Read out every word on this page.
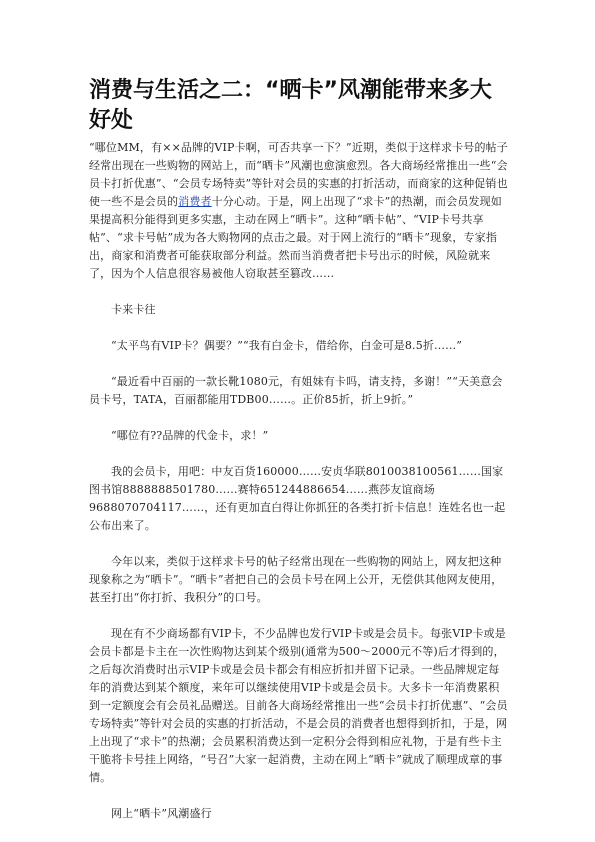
消费与生活之二：“晒卡”风潮能带来多大好处

“哪位MM，有××品牌的VIP卡啊，可否共享一下？”近期，类似于这样求卡号的帖子经常出现在一些购物的网站上，而“晒卡”风潮也愈演愈烈。各大商场经常推出一些“会员卡打折优惠”、“会员专场特卖”等针对会员的实惠的打折活动，而商家的这种促销也使一些不是会员的消费者十分心动。于是，网上出现了“求卡”的热潮，而会员发现如果提高积分能得到更多实惠，主动在网上“晒卡”。这种“晒卡帖”、“VIP卡号共享帖”、“求卡号帖”成为各大购物网的点击之最。对于网上流行的“晒卡”现象，专家指出，商家和消费者可能获取部分利益。然而当消费者把卡号出示的时候，风险就来了，因为个人信息很容易被他人窃取甚至篡改……

卡来卡往

“太平鸟有VIP卡？偶要？”“我有白金卡，借给你，白金可是8.5折……”

“最近看中百丽的一款长靴1080元，有姐妹有卡吗，请支持，多谢！”“天美意会员卡号，TATA，百丽都能用TDB00……。正价85折，折上9折。”

“哪位有??品牌的代金卡，求！”

我的会员卡，用吧：中友百货160000……安贞华联8010038100561……国家图书馆8888888501780……赛特651244886654……燕莎友谊商场9688070704117……，还有更加直白得让你抓狂的各类打折卡信息！连姓名也一起公布出来了。

今年以来，类似于这样求卡号的帖子经常出现在一些购物的网站上，网友把这种现象称之为“晒卡”。“晒卡”者把自己的会员卡号在网上公开，无偿供其他网友使用，甚至打出“你打折、我积分”的口号。

现在有不少商场都有VIP卡，不少品牌也发行VIP卡或是会员卡。每张VIP卡或是会员卡都是卡主在一次性购物达到某个级别(通常为500～2000元不等)后才得到的，之后每次消费时出示VIP卡或是会员卡都会有相应折扣并留下记录。一些品牌规定每年的消费达到某个额度，来年可以继续使用VIP卡或是会员卡。大多卡一年消费累积到一定额度会有会员礼品赠送。目前各大商场经常推出一些“会员卡打折优惠”、“会员专场特卖”等针对会员的实惠的打折活动，不是会员的消费者也想得到折扣，于是，网上出现了“求卡”的热潮；会员累积消费达到一定积分会得到相应礼物，于是有些卡主干脆将卡号挂上网络，“号召”大家一起消费，主动在网上“晒卡”就成了顺理成章的事情。

网上“晒卡”风潮盛行
